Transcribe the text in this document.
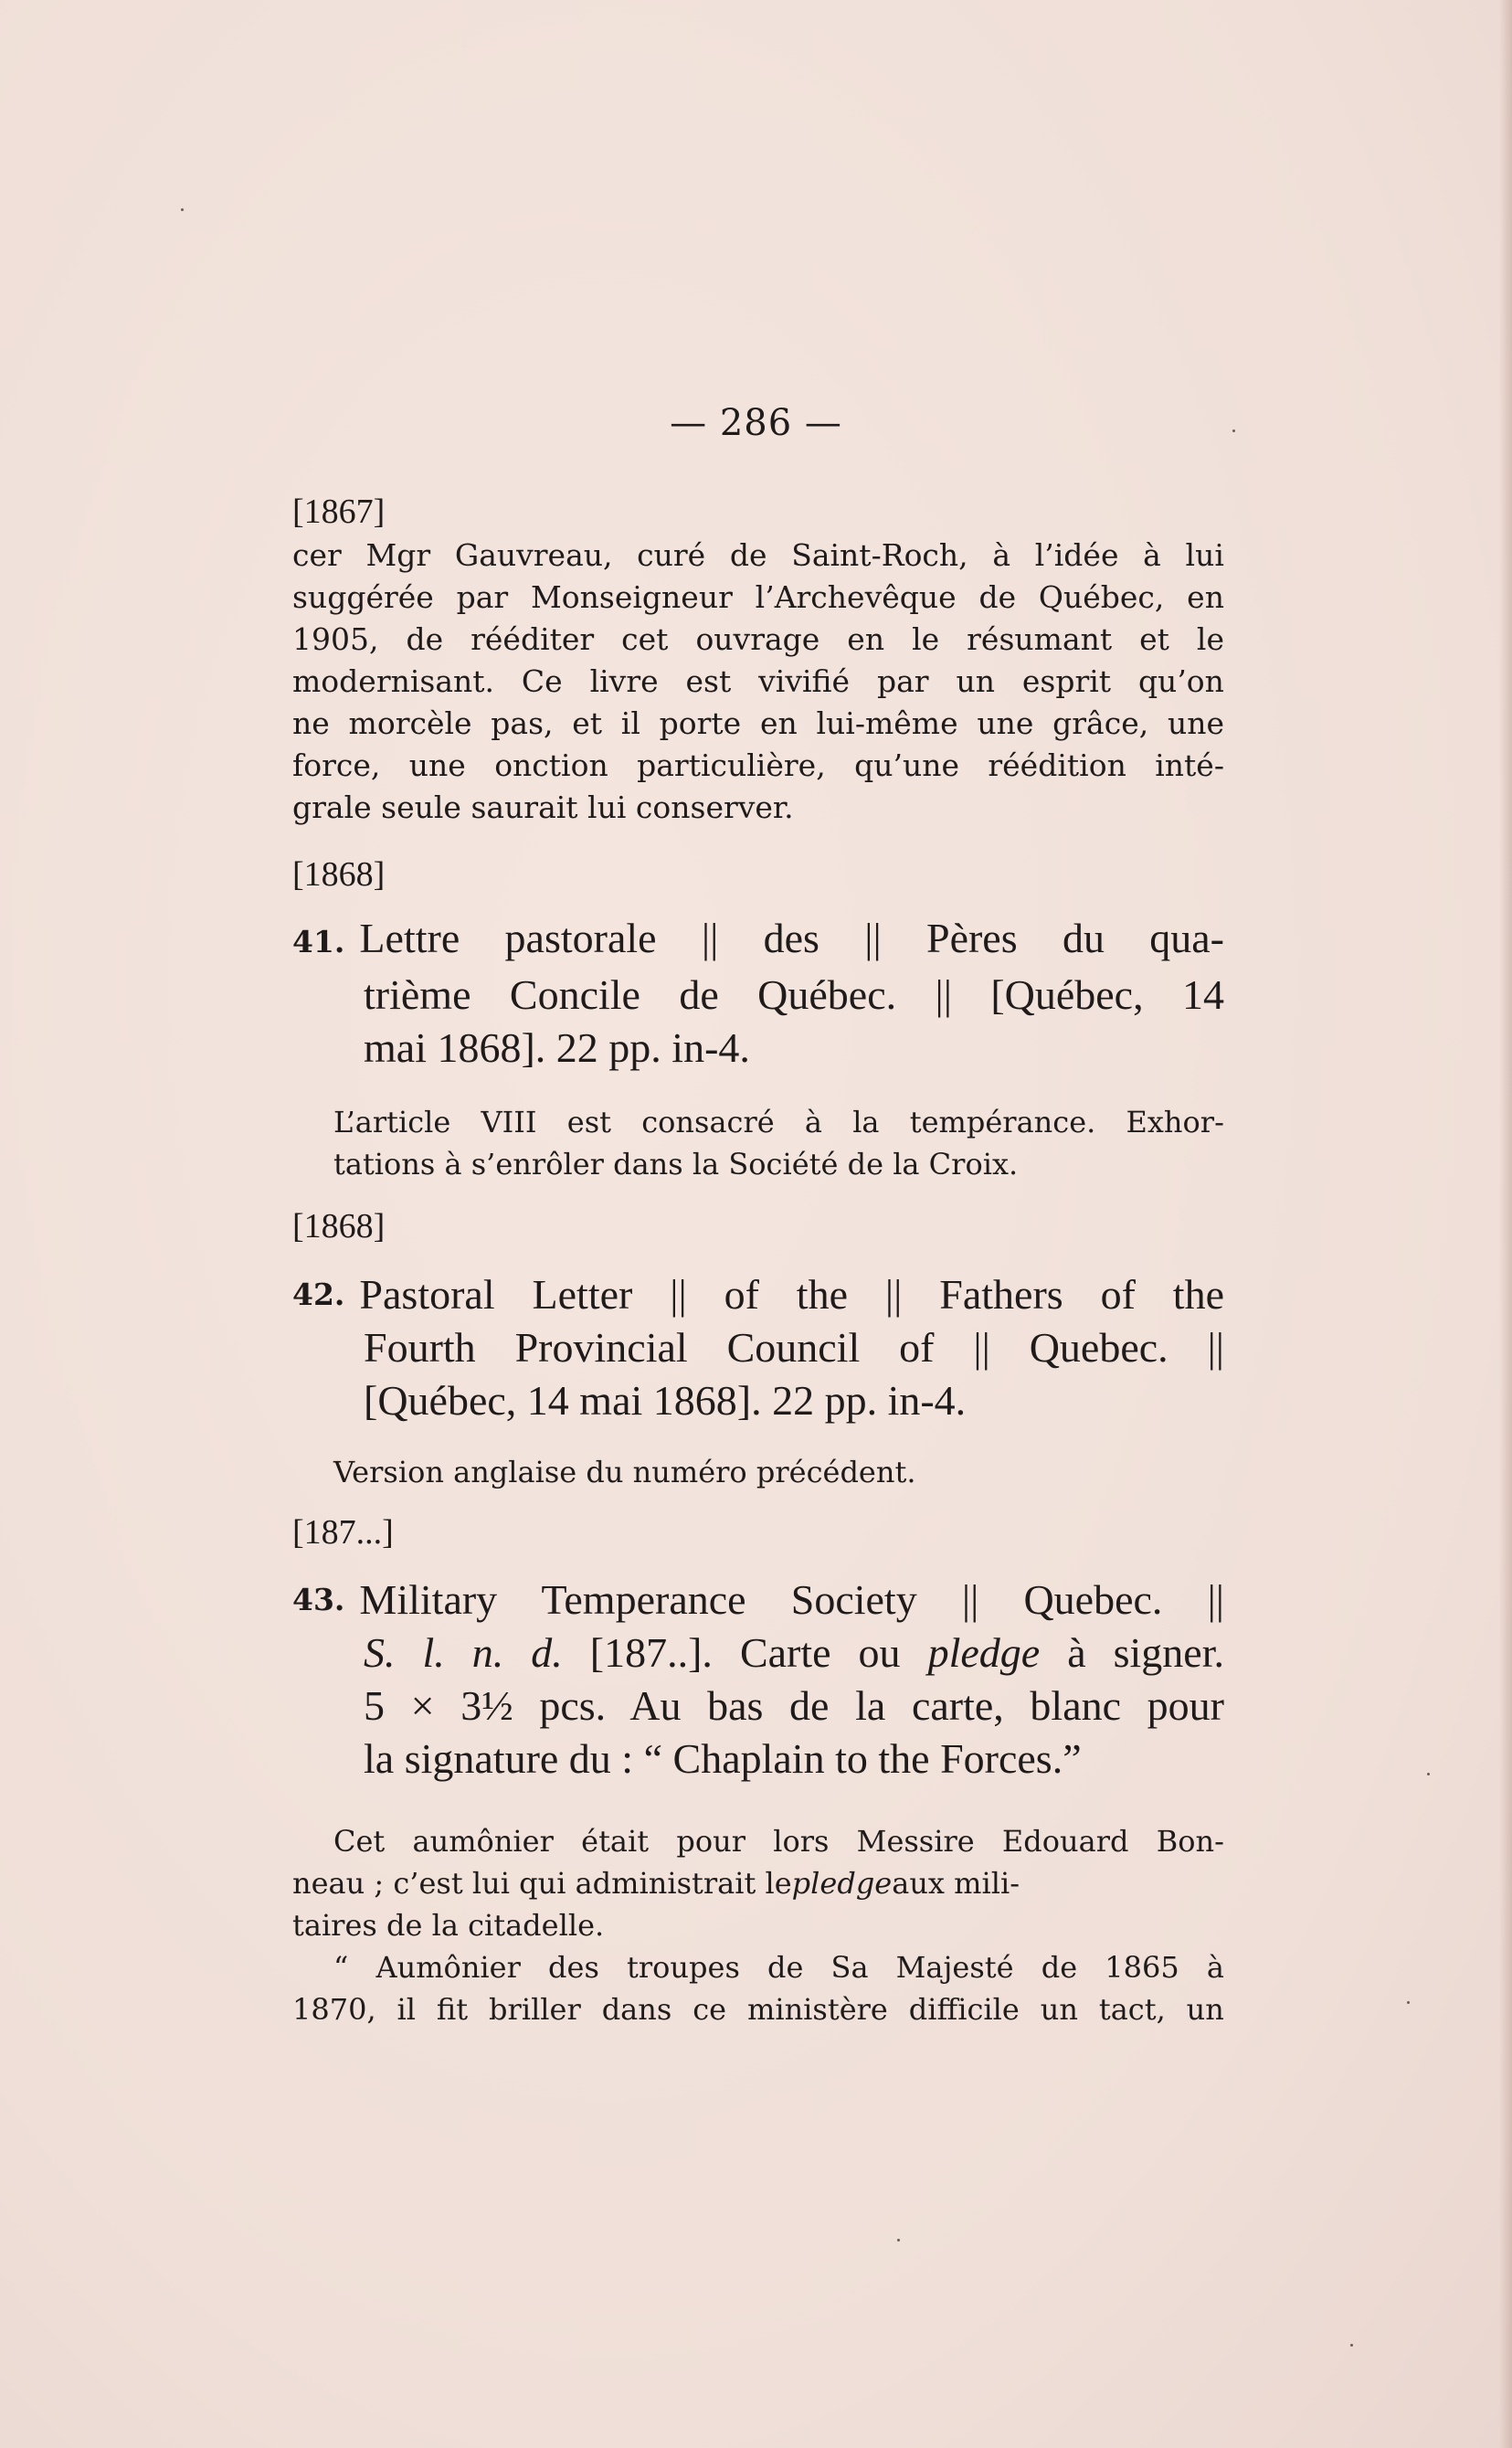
— 286 —
[1867]
cer Mgr Gauvreau, curé de Saint-Roch, à l’idée à lui
suggérée par Monseigneur l’Archevêque de Québec, en
1905, de rééditer cet ouvrage en le résumant et le
modernisant. Ce livre est vivifié par un esprit qu’on
ne morcèle pas, et il porte en lui-même une grâce, une
force, une onction particulière, qu’une réédition inté-
grale seule saurait lui conserver.
[1868]
41. Lettre pastorale || des || Pères du qua-
trième Concile de Québec. || [Québec, 14
mai 1868]. 22 pp. in-4.
L’article VIII est consacré à la tempérance. Exhor-
tations à s’enrôler dans la Société de la Croix.
[1868]
42. Pastoral Letter || of the || Fathers of the
Fourth Provincial Council of || Quebec. ||
[Québec, 14 mai 1868]. 22 pp. in-4.
Version anglaise du numéro précédent.
[187...]
43. Military Temperance Society || Quebec. ||
S. l. n. d. [187..]. Carte ou pledge à signer.
5 × 3½ pcs. Au bas de la carte, blanc pour
la signature du : “ Chaplain to the Forces.”
Cet aumônier était pour lors Messire Edouard Bon-
neau ; c’est lui qui administrait le pledge aux mili-
taires de la citadelle.
“ Aumônier des troupes de Sa Majesté de 1865 à
1870, il fit briller dans ce ministère difficile un tact, un
